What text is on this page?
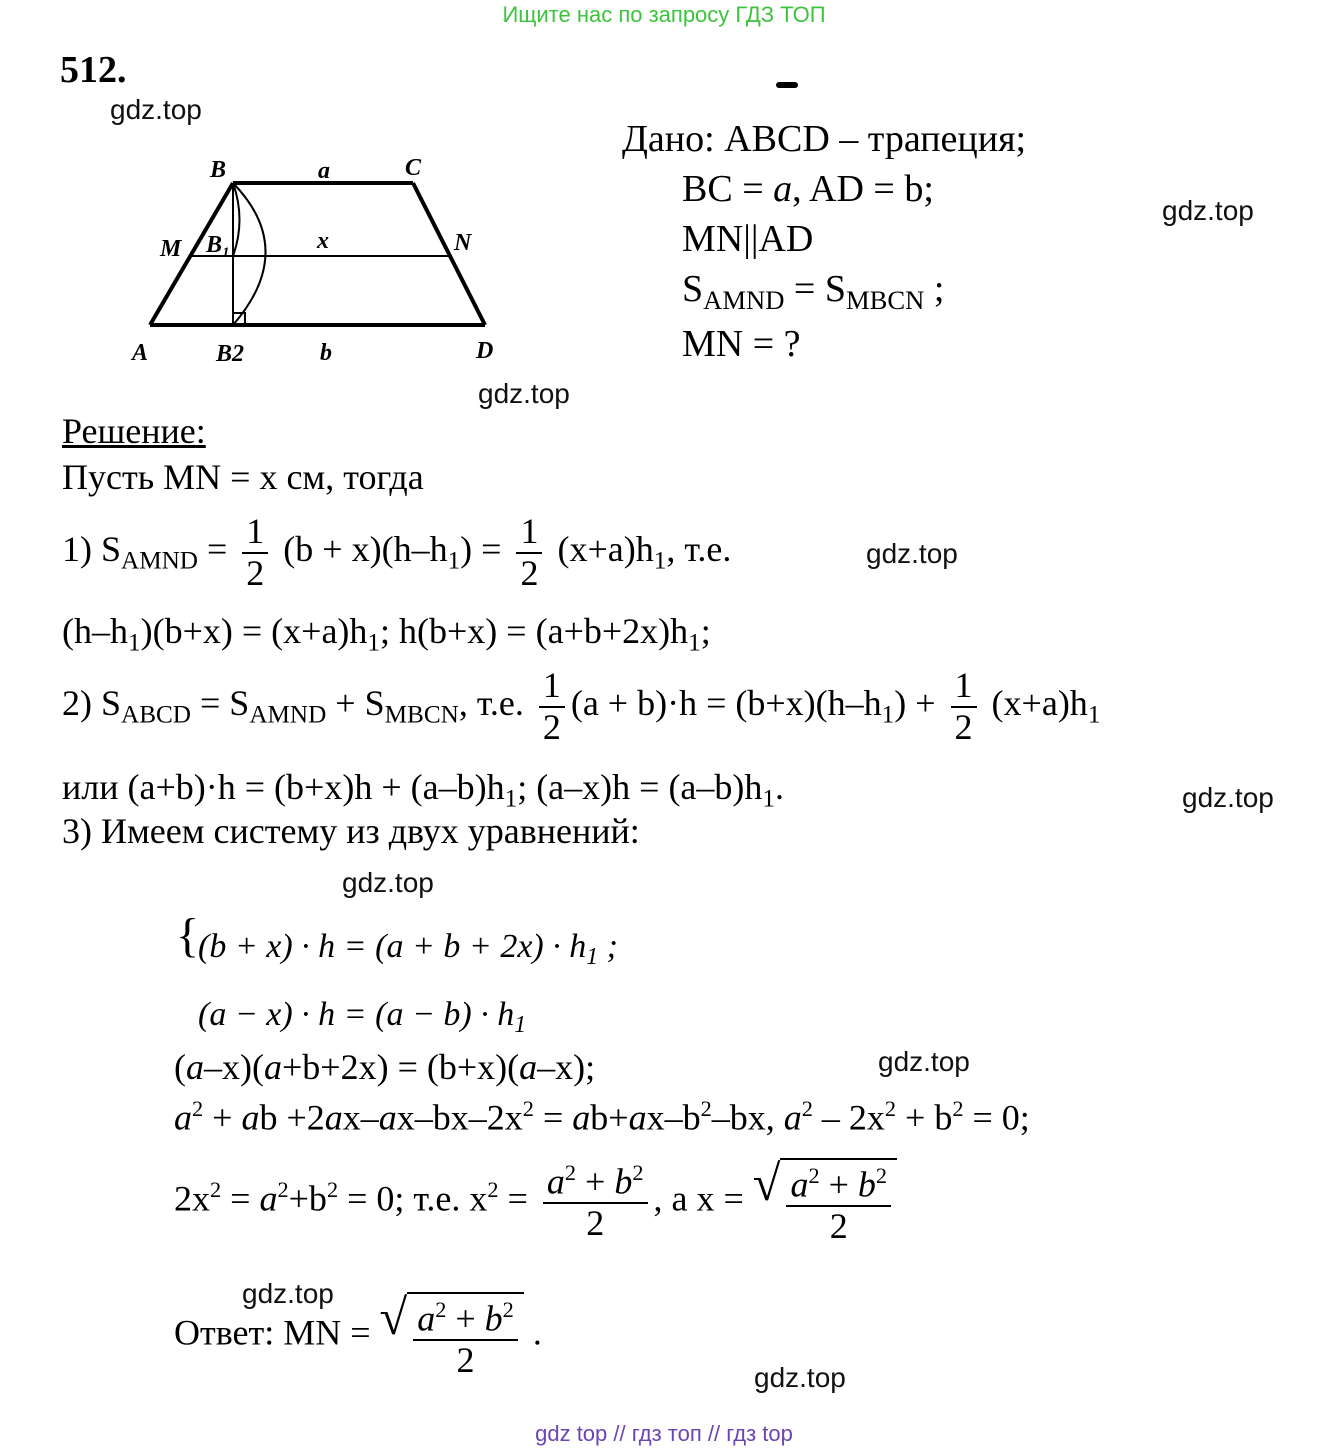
Ищите нас по запросу ГДЗ ТОП
gdz top // гдз топ // гдз top
gdz.top
gdz.top
gdz.top
gdz.top
gdz.top
gdz.top
gdz.top
gdz.top
gdz.top
512.
B	a	C
M B₁	x	N
A	B2	b	D
Дано: ABCD – трапеция;
BC = a, AD = b;
MN||AD
$S_{AMND} = S_{MBCN}$ ;
MN = ?
Решение:
Пусть MN = x см, тогда
1) $S_{AMND} = \frac{1}{2} (b + x)(h-h_1) = \frac{1}{2} (x+a)h_1$, т.е.
$(h-h_1)(b+x) = (x+a)h_1$; $h(b+x) = (a+b+2x)h_1$;
2) $S_{ABCD} = S_{AMND} + S_{MBCN}$, т.е. $\frac{1}{2} (a + b)\cdot h = (b+x)(h-h_1) + \frac{1}{2} (x+a)h_1$
или $(a+b)\cdot h = (b+x)h + (a-b)h_1$; $(a-x)h = (a-b)h_1$.
3) Имеем систему из двух уравнений:
{
$(b + x) \cdot h = (a + b + 2x) \cdot h_1$ ;
$(a - x) \cdot h = (a - b) \cdot h_1$
(a–x)(a+b+2x) = (b+x)(a–x);
$a^2$ + ab $+2ax-ax-bx-2x^2 = ab+ax-b^2-bx$, $a^2 - 2x^2 + b^2 = 0$;
$2x^2 = a^2+b^2 = 0$; т.е. $x^2 = \frac{a^2 + b^2}{2}$ , a x = √ $\frac{a^2 + b^2}{2}$
Ответ: MN = √ $\frac{a^2 + b^2}{2}$ .
